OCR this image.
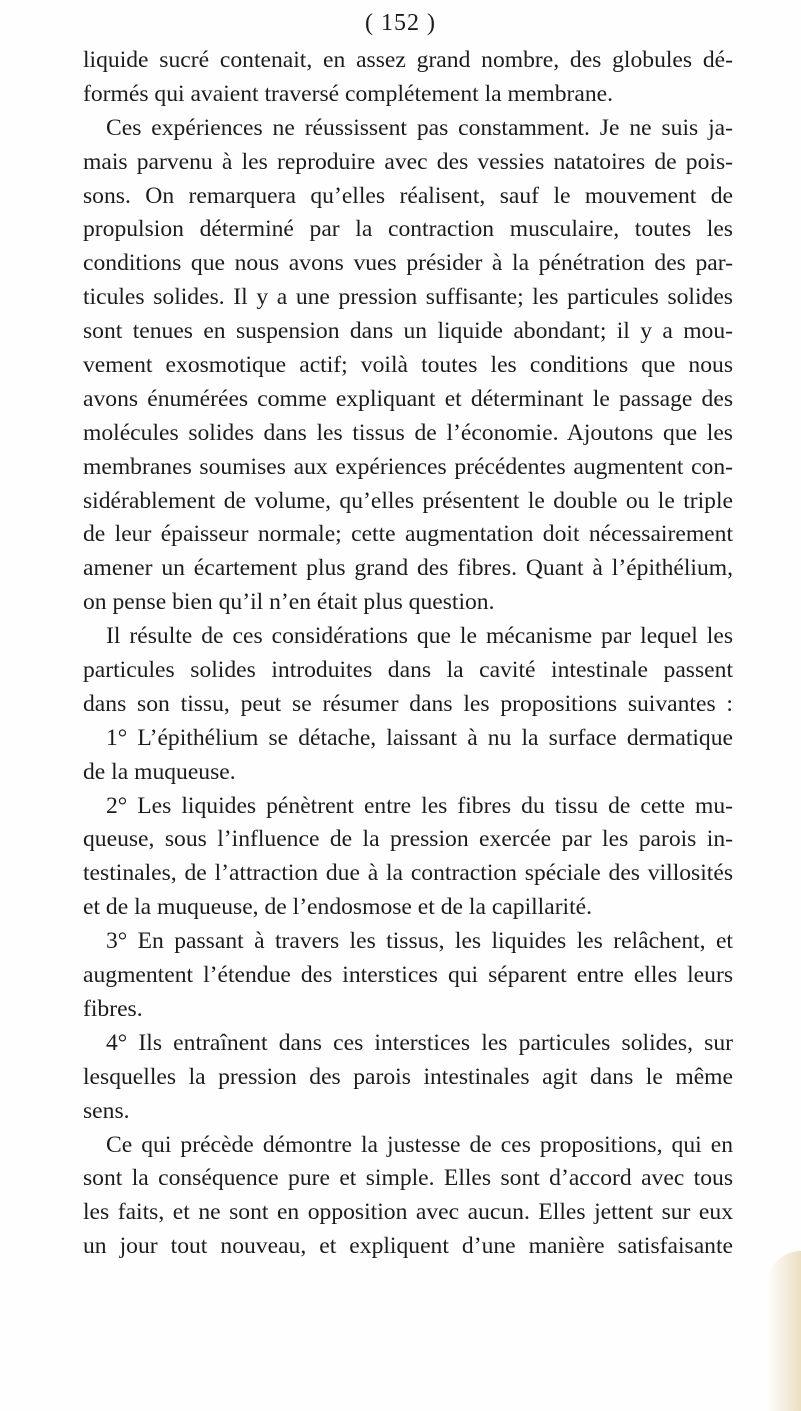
( 152 )
liquide sucré contenait, en assez grand nombre, des globules dé-
formés qui avaient traversé complétement la membrane.
Ces expériences ne réussissent pas constamment. Je ne suis ja-
mais parvenu à les reproduire avec des vessies natatoires de pois-
sons. On remarquera qu’elles réalisent, sauf le mouvement de
propulsion déterminé par la contraction musculaire, toutes les
conditions que nous avons vues présider à la pénétration des par-
ticules solides. Il y a une pression suffisante; les particules solides
sont tenues en suspension dans un liquide abondant; il y a mou-
vement exosmotique actif; voilà toutes les conditions que nous
avons énumérées comme expliquant et déterminant le passage des
molécules solides dans les tissus de l’économie. Ajoutons que les
membranes soumises aux expériences précédentes augmentent con-
sidérablement de volume, qu’elles présentent le double ou le triple
de leur épaisseur normale; cette augmentation doit nécessairement
amener un écartement plus grand des fibres. Quant à l’épithélium,
on pense bien qu’il n’en était plus question.
Il résulte de ces considérations que le mécanisme par lequel les
particules solides introduites dans la cavité intestinale passent
dans son tissu, peut se résumer dans les propositions suivantes :
1° L’épithélium se détache, laissant à nu la surface dermatique
de la muqueuse.
2° Les liquides pénètrent entre les fibres du tissu de cette mu-
queuse, sous l’influence de la pression exercée par les parois in-
testinales, de l’attraction due à la contraction spéciale des villosités
et de la muqueuse, de l’endosmose et de la capillarité.
3° En passant à travers les tissus, les liquides les relâchent, et
augmentent l’étendue des interstices qui séparent entre elles leurs
fibres.
4° Ils entraînent dans ces interstices les particules solides, sur
lesquelles la pression des parois intestinales agit dans le même
sens.
Ce qui précède démontre la justesse de ces propositions, qui en
sont la conséquence pure et simple. Elles sont d’accord avec tous
les faits, et ne sont en opposition avec aucun. Elles jettent sur eux
un jour tout nouveau, et expliquent d’une manière satisfaisante
